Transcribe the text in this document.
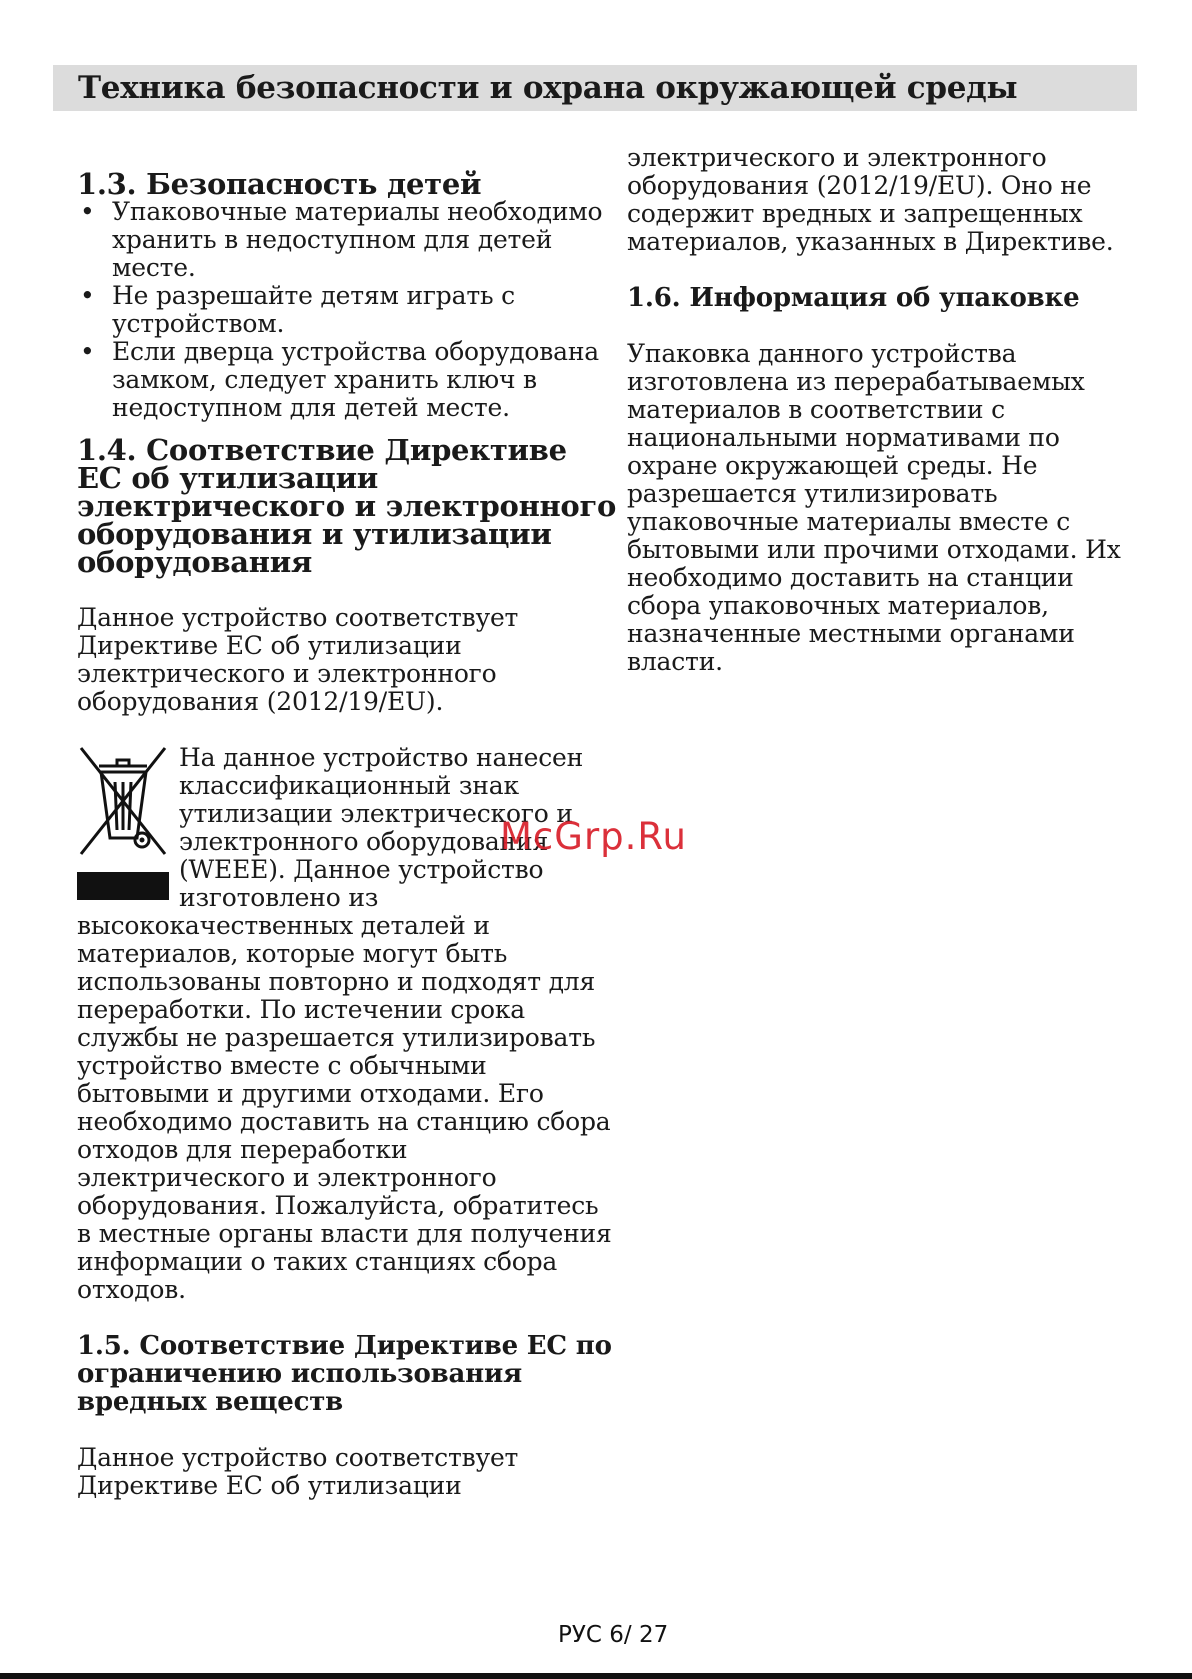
Техника безопасности и охрана окружающей среды
1.3. Безопасность детей
• Упаковочные материалы необходимо хранить в недоступном для детей месте.
• Не разрешайте детям играть с устройством.
• Если дверца устройства оборудована замком, следует хранить ключ в недоступном для детей месте.
1.4. Соответствие Директиве ЕС об утилизации электрического и электронного оборудования и утилизации оборудования

Данное устройство соответствует Директиве ЕС об утилизации электрического и электронного оборудования (2012/19/EU).

На данное устройство нанесен классификационный знак утилизации электрического и электронного оборудования (WEEE). Данное устройство изготовлено из высококачественных деталей и материалов, которые могут быть использованы повторно и подходят для переработки. По истечении срока службы не разрешается утилизировать устройство вместе с обычными бытовыми и другими отходами. Его необходимо доставить на станцию сбора отходов для переработки электрического и электронного оборудования. Пожалуйста, обратитесь в местные органы власти для получения информации о таких станциях сбора отходов.

1.5. Соответствие Директиве ЕС по ограничению использования вредных веществ

Данное устройство соответствует Директиве ЕС об утилизации

электрического и электронного оборудования (2012/19/EU). Оно не содержит вредных и запрещенных материалов, указанных в Директиве.

1.6. Информация об упаковке

Упаковка данного устройства изготовлена из перерабатываемых материалов в соответствии с национальными нормативами по охране окружающей среды. Не разрешается утилизировать упаковочные материалы вместе с бытовыми или прочими отходами. Их необходимо доставить на станции сбора упаковочных материалов, назначенные местными органами власти.

McGrp.Ru

РУС 6/ 27
